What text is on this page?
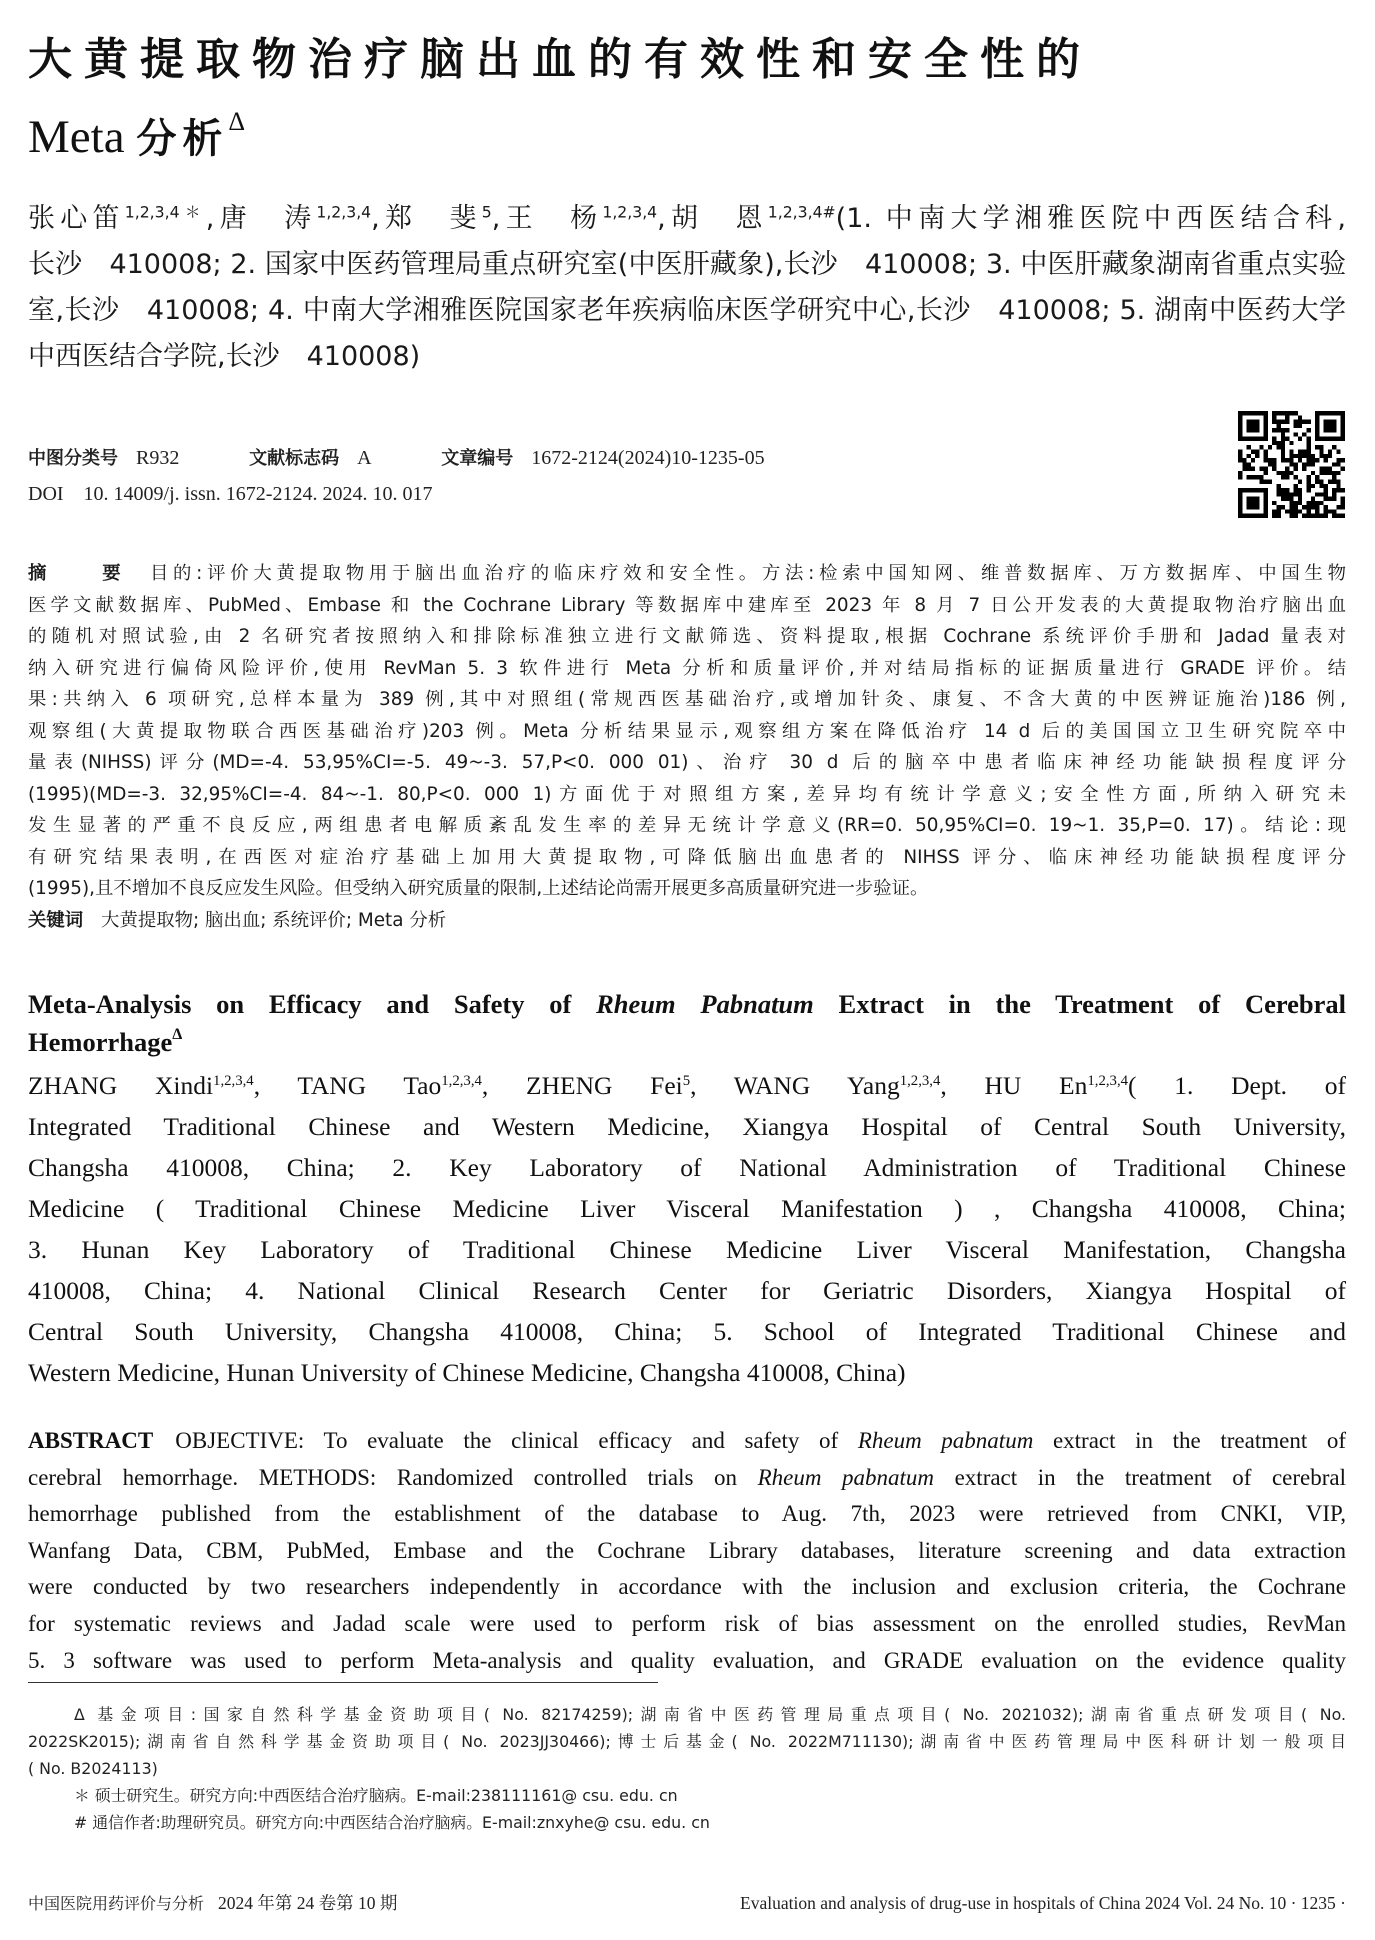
大黄提取物治疗脑出血的有效性和安全性的
Meta 分析$^\Delta$
张心笛$^{1,2,3,4*}$,唐　涛$^{1,2,3,4}$,郑　斐$^5$,王　杨$^{1,2,3,4}$,胡　恩$^{1,2,3,4\#}$(1. 中南大学湘雅医院中西医结合科,
长沙　410008; 2. 国家中医药管理局重点研究室(中医肝藏象),长沙　410008; 3. 中医肝藏象湖南省重点实验
室,长沙　410008; 4. 中南大学湘雅医院国家老年疾病临床医学研究中心,长沙　410008; 5. 湖南中医药大学
中西医结合学院,长沙　410008)
中图分类号 R932	文献标志码 A	文章编号 1672-2124(2024)10-1235-05
DOI 10. 14009/j. issn. 1672-2124. 2024. 10. 017
摘　要 目的:评价大黄提取物用于脑出血治疗的临床疗效和安全性。方法:检索中国知网、维普数据库、万方数据库、中国生物
医学文献数据库、PubMed、Embase 和 the Cochrane Library 等数据库中建库至 2023 年 8 月 7 日公开发表的大黄提取物治疗脑出血
的随机对照试验,由 2 名研究者按照纳入和排除标准独立进行文献筛选、资料提取,根据 Cochrane 系统评价手册和 Jadad 量表对
纳入研究进行偏倚风险评价,使用 RevMan 5. 3 软件进行 Meta 分析和质量评价,并对结局指标的证据质量进行 GRADE 评价。结
果:共纳入 6 项研究,总样本量为 389 例,其中对照组(常规西医基础治疗,或增加针灸、康复、不含大黄的中医辨证施治)186 例,
观察组(大黄提取物联合西医基础治疗)203 例。Meta 分析结果显示,观察组方案在降低治疗 14 d 后的美国国立卫生研究院卒中
量表(NIHSS)评分(MD=-4. 53,95%CI=-5. 49~-3. 57,P<0. 000 01)、治疗 30 d 后的脑卒中患者临床神经功能缺损程度评分
(1995)(MD=-3. 32,95%CI=-4. 84~-1. 80,P<0. 000 1)方面优于对照组方案,差异均有统计学意义;安全性方面,所纳入研究未
发生显著的严重不良反应,两组患者电解质紊乱发生率的差异无统计学意义(RR=0. 50,95%CI=0. 19~1. 35,P=0. 17)。结论:现
有研究结果表明,在西医对症治疗基础上加用大黄提取物,可降低脑出血患者的 NIHSS 评分、临床神经功能缺损程度评分
(1995),且不增加不良反应发生风险。但受纳入研究质量的限制,上述结论尚需开展更多高质量研究进一步验证。
关键词 大黄提取物; 脑出血; 系统评价; Meta 分析
Meta-Analysis on Efficacy and Safety of Rheum Pabnatum Extract in the Treatment of Cerebral
Hemorrhage$^\Delta$
ZHANG Xindi$^{1,2,3,4}$, TANG Tao$^{1,2,3,4}$, ZHENG Fei$^5$, WANG Yang$^{1,2,3,4}$, HU En$^{1,2,3,4}$( 1. Dept. of
Integrated Traditional Chinese and Western Medicine, Xiangya Hospital of Central South University,
Changsha 410008, China; 2. Key Laboratory of National Administration of Traditional Chinese
Medicine ( Traditional Chinese Medicine Liver Visceral Manifestation ) , Changsha 410008, China;
3. Hunan Key Laboratory of Traditional Chinese Medicine Liver Visceral Manifestation, Changsha
410008, China; 4. National Clinical Research Center for Geriatric Disorders, Xiangya Hospital of
Central South University, Changsha 410008, China; 5. School of Integrated Traditional Chinese and
Western Medicine, Hunan University of Chinese Medicine, Changsha 410008, China)
ABSTRACT OBJECTIVE: To evaluate the clinical efficacy and safety of Rheum pabnatum extract in the treatment of
cerebral hemorrhage. METHODS: Randomized controlled trials on Rheum pabnatum extract in the treatment of cerebral
hemorrhage published from the establishment of the database to Aug. 7th, 2023 were retrieved from CNKI, VIP,
Wanfang Data, CBM, PubMed, Embase and the Cochrane Library databases, literature screening and data extraction
were conducted by two researchers independently in accordance with the inclusion and exclusion criteria, the Cochrane
for systematic reviews and Jadad scale were used to perform risk of bias assessment on the enrolled studies, RevMan
5. 3 software was used to perform Meta-analysis and quality evaluation, and GRADE evaluation on the evidence quality
Δ 基金项目:国家自然科学基金资助项目( No. 82174259);湖南省中医药管理局重点项目( No. 2021032);湖南省重点研发项目( No.
2022SK2015);湖南省自然科学基金资助项目( No. 2023JJ30466);博士后基金( No. 2022M711130);湖南省中医药管理局中医科研计划一般项目
( No. B2024113)
＊ 硕士研究生。研究方向:中西医结合治疗脑病。E-mail:238111161@ csu. edu. cn
# 通信作者:助理研究员。研究方向:中西医结合治疗脑病。E-mail:znxyhe@ csu. edu. cn
中国医院用药评价与分析 2024 年第 24 卷第 10 期	Evaluation and analysis of drug-use in hospitals of China 2024 Vol. 24 No. 10 · 1235 ·
